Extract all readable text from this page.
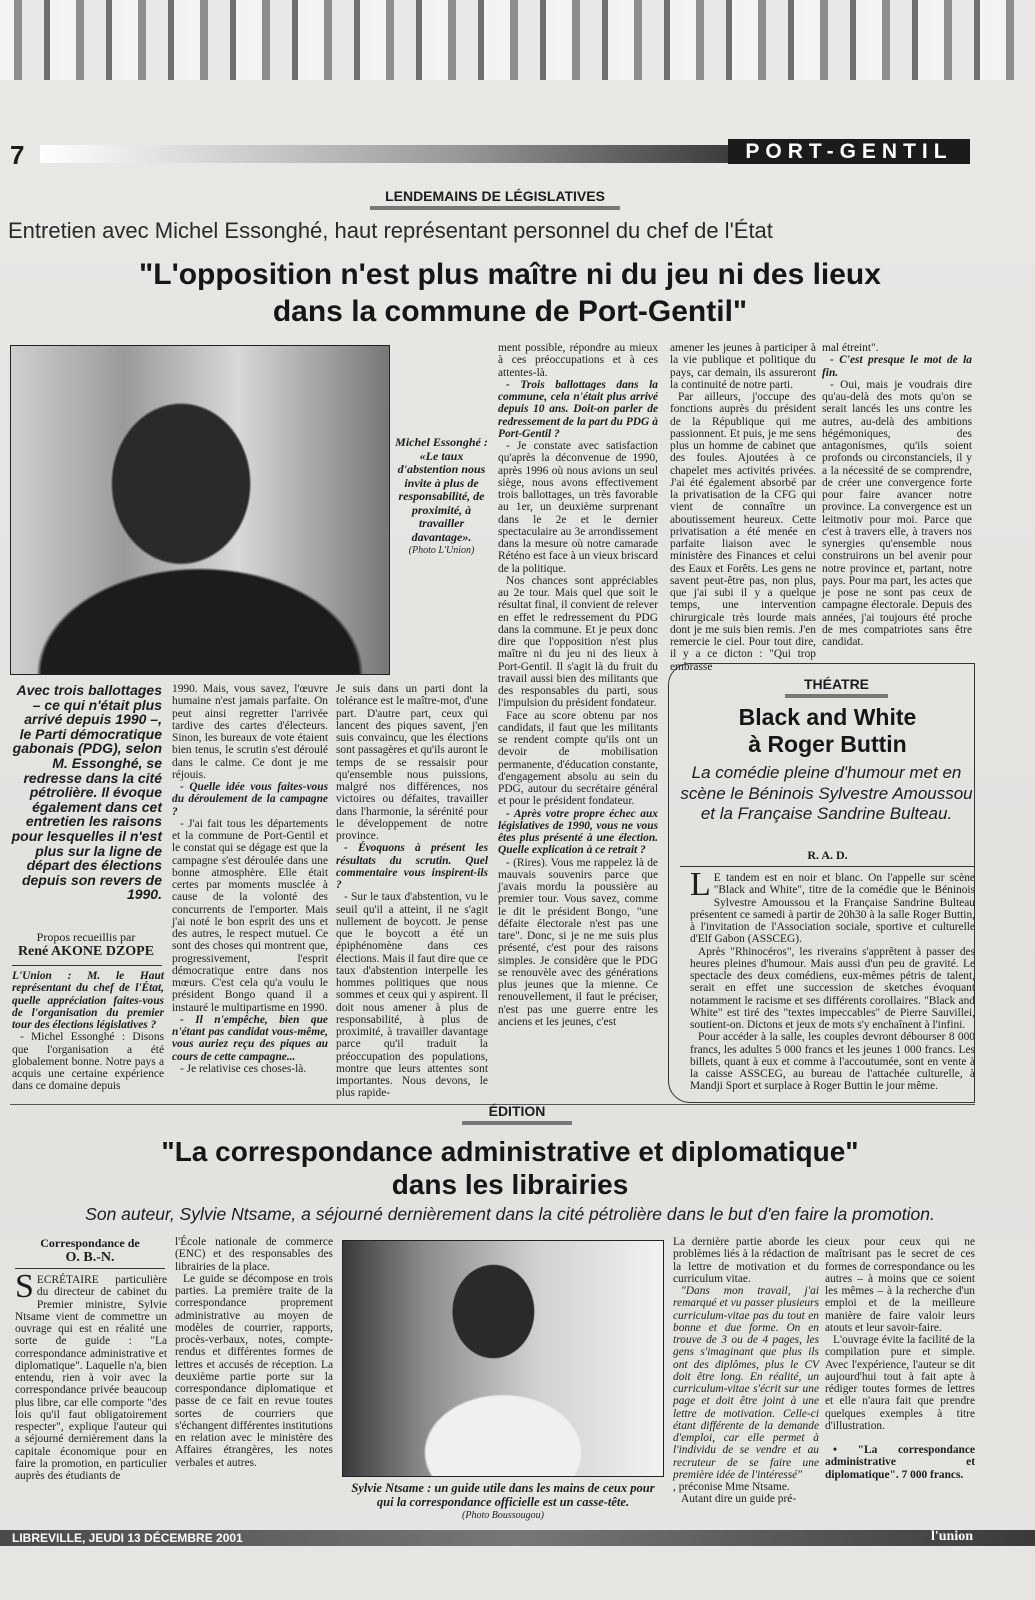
7	PORT-GENTIL
LENDEMAINS DE LÉGISLATIVES
Entretien avec Michel Essonghé, haut représentant personnel du chef de l'État
"L'opposition n'est plus maître ni du jeu ni des lieux
dans la commune de Port-Gentil"
Michel Essonghé : «Le taux d'abstention nous invite à plus de responsabilité, de proximité, à travailler davantage».
(Photo L'Union)
Avec trois ballottages – ce qui n'était plus arrivé depuis 1990 –, le Parti démocratique gabonais (PDG), selon M. Essonghé, se redresse dans la cité pétrolière. Il évoque également dans cet entretien les raisons pour lesquelles il n'est plus sur la ligne de départ des élections depuis son revers de 1990.
Propos recueillis par
René AKONE DZOPE

L'Union : M. le Haut représentant du chef de l'État, quelle appréciation faites-vous de l'organisation du premier tour des élections législatives ?

- Michel Essonghé : Disons que l'organisation a été globalement bonne. Notre pays a acquis une certaine expérience dans ce domaine depuis

1990. Mais, vous savez, l'œuvre humaine n'est jamais parfaite. On peut ainsi regretter l'arrivée tardive des cartes d'électeurs. Sinon, les bureaux de vote étaient bien tenus, le scrutin s'est déroulé dans le calme. Ce dont je me réjouis.

- Quelle idée vous faites-vous du déroulement de la campagne ?

- J'ai fait tous les départements et la commune de Port-Gentil et le constat qui se dégage est que la campagne s'est déroulée dans une bonne atmosphère. Elle était certes par moments musclée à cause de la volonté des concurrents de l'emporter. Mais j'ai noté le bon esprit des uns et des autres, le respect mutuel. Ce sont des choses qui montrent que, progressivement, l'esprit démocratique entre dans nos mœurs. C'est cela qu'a voulu le président Bongo quand il a instauré le multipartisme en 1990.

- Il n'empêche, bien que n'étant pas candidat vous-même, vous auriez reçu des piques au cours de cette campagne...

- Je relativise ces choses-là.

Je suis dans un parti dont la tolérance est le maître-mot, d'une part. D'autre part, ceux qui lancent des piques savent, j'en suis convaincu, que les élections sont passagères et qu'ils auront le temps de se ressaisir pour qu'ensemble nous puissions, malgré nos différences, nos victoires ou défaites, travailler dans l'harmonie, la sérénité pour le développement de notre province.

- Évoquons à présent les résultats du scrutin. Quel commentaire vous inspirent-ils ?

- Sur le taux d'abstention, vu le seuil qu'il a atteint, il ne s'agit nullement de boycott. Je pense que le boycott a été un épiphénomène dans ces élections. Mais il faut dire que ce taux d'abstention interpelle les hommes politiques que nous sommes et ceux qui y aspirent. Il doit nous amener à plus de responsabilité, à plus de proximité, à travailler davantage parce qu'il traduit la préoccupation des populations, montre que leurs attentes sont importantes. Nous devons, le plus rapide-

ment possible, répondre au mieux à ces préoccupations et à ces attentes-là.

- Trois ballottages dans la commune, cela n'était plus arrivé depuis 10 ans. Doit-on parler de redressement de la part du PDG à Port-Gentil ?

- Je constate avec satisfaction qu'après la déconvenue de 1990, après 1996 où nous avions un seul siège, nous avons effectivement trois ballottages, un très favorable au 1er, un deuxième surprenant dans le 2e et le dernier spectaculaire au 3e arrondissement dans la mesure où notre camarade Réténo est face à un vieux briscard de la politique.

Nos chances sont appréciables au 2e tour. Mais quel que soit le résultat final, il convient de relever en effet le redressement du PDG dans la commune. Et je peux donc dire que l'opposition n'est plus maître ni du jeu ni des lieux à Port-Gentil. Il s'agit là du fruit du travail aussi bien des militants que des responsables du parti, sous l'impulsion du président fondateur.

Face au score obtenu par nos candidats, il faut que les militants se rendent compte qu'ils ont un devoir de mobilisation permanente, d'éducation constante, d'engagement absolu au sein du PDG, autour du secrétaire général et pour le président fondateur.

- Après votre propre échec aux législatives de 1990, vous ne vous êtes plus présenté à une élection. Quelle explication à ce retrait ?

- (Rires). Vous me rappelez là de mauvais souvenirs parce que j'avais mordu la poussière au premier tour. Vous savez, comme le dit le président Bongo, "une défaite électorale n'est pas une tare". Donc, si je ne me suis plus présenté, c'est pour des raisons simples. Je considère que le PDG se renouvèle avec des générations plus jeunes que la mienne. Ce renouvellement, il faut le préciser, n'est pas une guerre entre les anciens et les jeunes, c'est

amener les jeunes à participer à la vie publique et politique du pays, car demain, ils assureront la continuité de notre parti.

Par ailleurs, j'occupe des fonctions auprès du président de la République qui me passionnent. Et puis, je me sens plus un homme de cabinet que des foules. Ajoutées à ce chapelet mes activités privées. J'ai été également absorbé par la privatisation de la CFG qui vient de connaître un aboutissement heureux. Cette privatisation a été menée en parfaite liaison avec le ministère des Finances et celui des Eaux et Forêts. Les gens ne savent peut-être pas, non plus, que j'ai subi il y a quelque temps, une intervention chirurgicale très lourde mais dont je me suis bien remis. J'en remercie le ciel. Pour tout dire, il y a ce dicton : "Qui trop embrasse

mal étreint".

- C'est presque le mot de la fin.

- Oui, mais je voudrais dire qu'au-delà des mots qu'on se serait lancés les uns contre les autres, au-delà des ambitions hégémoniques, des antagonismes, qu'ils soient profonds ou circonstanciels, il y a la nécessité de se comprendre, de créer une convergence forte pour faire avancer notre province. La convergence est un leitmotiv pour moi. Parce que c'est à travers elle, à travers nos synergies qu'ensemble nous construirons un bel avenir pour notre province et, partant, notre pays. Pour ma part, les actes que je pose ne sont pas ceux de campagne électorale. Depuis des années, j'ai toujours été proche de mes compatriotes sans être candidat.

THÉATRE
Black and White
à Roger Buttin
La comédie pleine d'humour met en scène le Béninois Sylvestre Amoussou et la Française Sandrine Bulteau.
R. A. D.

LE tandem est en noir et blanc. On l'appelle sur scène "Black and White", titre de la comédie que le Béninois Sylvestre Amoussou et la Française Sandrine Bulteau présentent ce samedi à partir de 20h30 à la salle Roger Buttin, à l'invitation de l'Association sociale, sportive et culturelle d'Elf Gabon (ASSCEG).

Après "Rhinocéros", les riverains s'apprêtent à passer des heures pleines d'humour. Mais aussi d'un peu de gravité. Le spectacle des deux comédiens, eux-mêmes pétris de talent, serait en effet une succession de sketches évoquant notamment le racisme et ses différents corollaires. "Black and White" est tiré des "textes impeccables" de Pierre Sauvillei, soutient-on. Dictons et jeux de mots s'y enchaînent à l'infini.

Pour accéder à la salle, les couples devront débourser 8 000 francs, les adultes 5 000 francs et les jeunes 1 000 francs. Les billets, quant à eux et comme à l'accoutumée, sont en vente à la caisse ASSCEG, au bureau de l'attachée culturelle, à Mandji Sport et surplace à Roger Buttin le jour même.

ÉDITION
"La correspondance administrative et diplomatique"
dans les librairies
Son auteur, Sylvie Ntsame, a séjourné dernièrement dans la cité pétrolière dans le but d'en faire la promotion.
Correspondance de
O. B.-N.

SECRÉTAIRE particulière du directeur de cabinet du Premier ministre, Sylvie Ntsame vient de commettre un ouvrage qui est en réalité une sorte de guide : "La correspondance administrative et diplomatique". Laquelle n'a, bien entendu, rien à voir avec la correspondance privée beaucoup plus libre, car elle comporte "des lois qu'il faut obligatoirement respecter", explique l'auteur qui a séjourné dernièrement dans la capitale économique pour en faire la promotion, en particulier auprès des étudiants de

l'École nationale de commerce (ENC) et des responsables des librairies de la place.

Le guide se décompose en trois parties. La première traite de la correspondance proprement administrative au moyen de modèles de courrier, rapports, procès-verbaux, notes, compte-rendus et différentes formes de lettres et accusés de réception. La deuxième partie porte sur la correspondance diplomatique et passe de ce fait en revue toutes sortes de courriers que s'échangent différentes institutions en relation avec le ministère des Affaires étrangères, les notes verbales et autres.

Sylvie Ntsame : un guide utile dans les mains de ceux pour qui la correspondance officielle est un casse-tête.
(Photo Boussougou)

La dernière partie aborde les problèmes liés à la rédaction de la lettre de motivation et du curriculum vitae.

"Dans mon travail, j'ai remarqué et vu passer plusieurs curriculum-vitae pas du tout en bonne et due forme. On en trouve de 3 ou de 4 pages, les gens s'imaginant que plus ils ont des diplômes, plus le CV doit être long. En réalité, un curriculum-vitae s'écrit sur une page et doit être joint à une lettre de motivation. Celle-ci étant différente de la demande d'emploi, car elle permet à l'individu de se vendre et au recruteur de se faire une première idée de l'intéressé"

, préconise Mme Ntsame.

Autant dire un guide pré-

cieux pour ceux qui ne maîtrisant pas le secret de ces formes de correspondance ou les autres – à moins que ce soient les mêmes – à la recherche d'un emploi et de la meilleure manière de faire valoir leurs atouts et leur savoir-faire.

L'ouvrage évite la facilité de la compilation pure et simple. Avec l'expérience, l'auteur se dit aujourd'hui tout à fait apte à rédiger toutes formes de lettres et elle n'aura fait que prendre quelques exemples à titre d'illustration.

• "La correspondance administrative et diplomatique". 7 000 francs.

LIBREVILLE, JEUDI 13 DÉCEMBRE 2001	l'union
